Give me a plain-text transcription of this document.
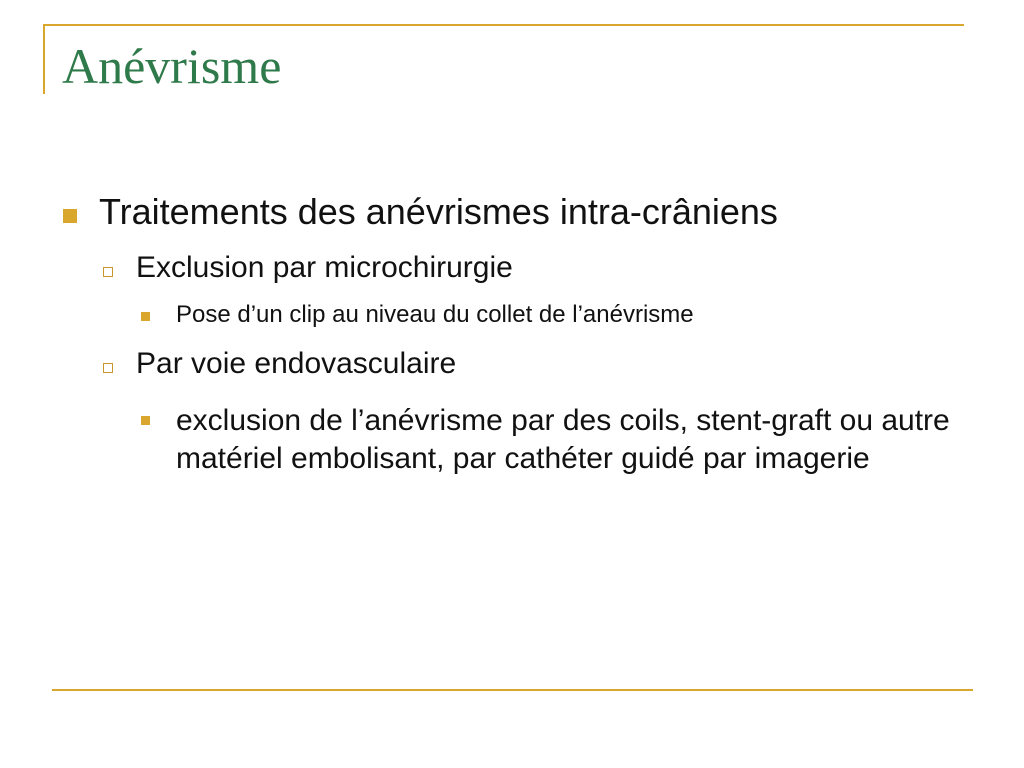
Anévrisme
Traitements des anévrismes intra-crâniens
Exclusion par microchirurgie
Pose d’un clip au niveau du collet de l’anévrisme
Par voie endovasculaire
exclusion de l’anévrisme par des coils, stent-graft ou autre matériel embolisant, par cathéter guidé par imagerie
